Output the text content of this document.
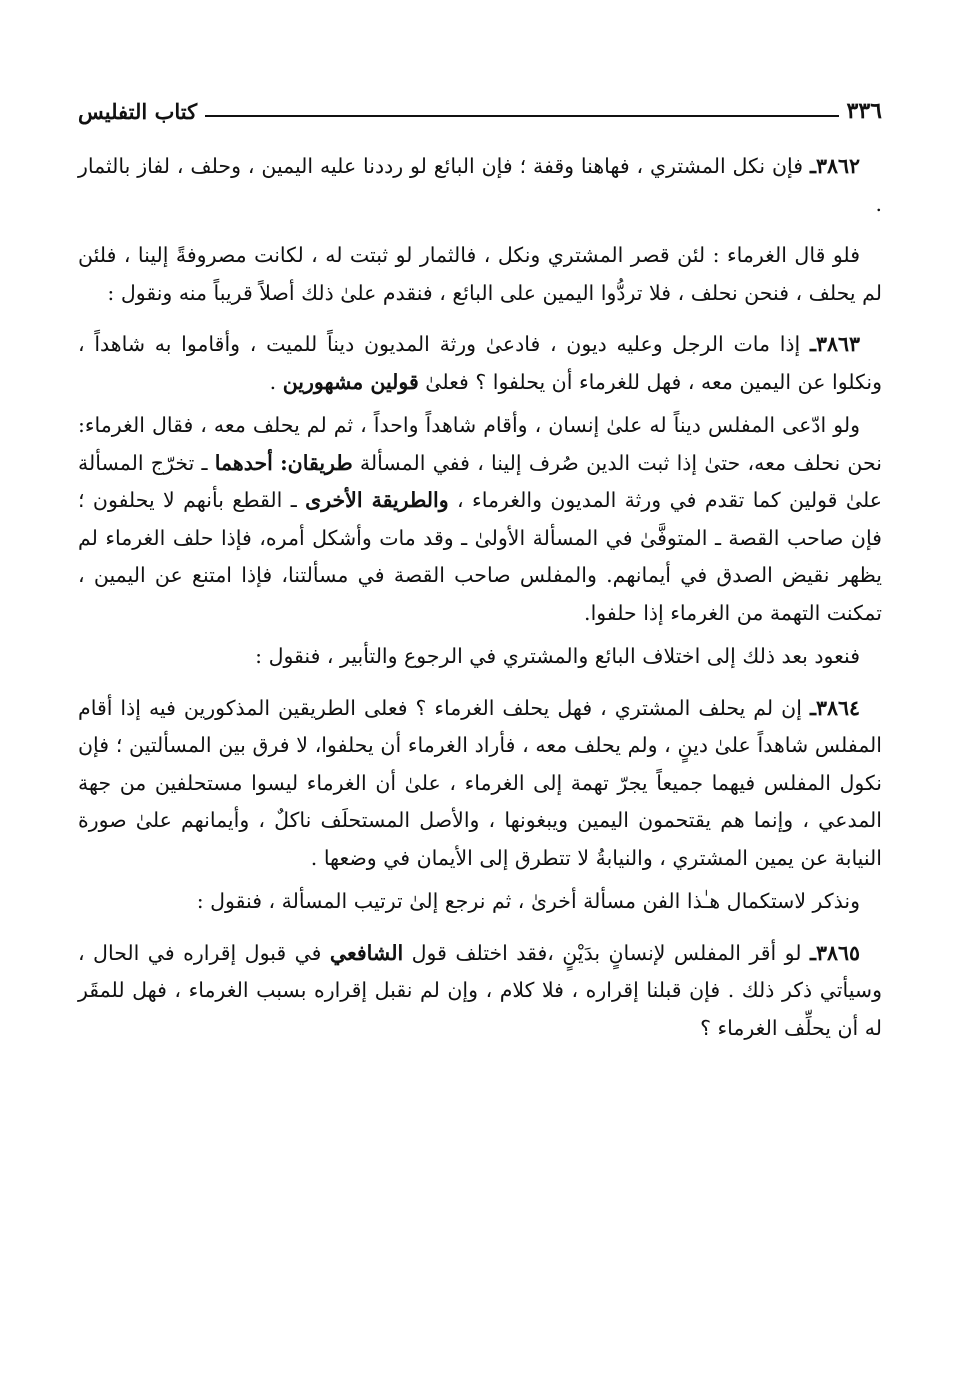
كتاب التفليس	٣٣٦

٣٨٦٢ـ فإن نكل المشتري ، فهاهنا وقفة ؛ فإن البائع لو رددنا عليه اليمين ، وحلف ، لفاز بالثمار .

فلو قال الغرماء : لئن قصر المشتري ونكل ، فالثمار لو ثبتت له ، لكانت مصروفةً إلينا ، فلئن لم يحلف ، فنحن نحلف ، فلا تردُّوا اليمين على البائع ، فنقدم علىٰ ذلك أصلاً قريباً منه ونقول :

٣٨٦٣ـ إذا مات الرجل وعليه ديون ، فادعىٰ ورثة المديون ديناً للميت ، وأقاموا به شاهداً ، ونكلوا عن اليمين معه ، فهل للغرماء أن يحلفوا ؟ فعلىٰ قولين مشهورين .

ولو ادّعى المفلس ديناً له علىٰ إنسان ، وأقام شاهداً واحداً ، ثم لم يحلف معه ، فقال الغرماء: نحن نحلف معه، حتىٰ إذا ثبت الدين صُرف إلينا ، ففي المسألة طريقان: أحدهما ـ تخرّج المسألة علىٰ قولين كما تقدم في ورثة المديون والغرماء ، والطريقة الأخرى ـ القطع بأنهم لا يحلفون ؛ فإن صاحب القصة ـ المتوفَّىٰ في المسألة الأولىٰ ـ وقد مات وأشكل أمره، فإذا حلف الغرماء لم يظهر نقيض الصدق في أيمانهم. والمفلس صاحب القصة في مسألتنا، فإذا امتنع عن اليمين ، تمكنت التهمة من الغرماء إذا حلفوا.

فنعود بعد ذلك إلى اختلاف البائع والمشتري في الرجوع والتأبير ، فنقول :

٣٨٦٤ـ إن لم يحلف المشتري ، فهل يحلف الغرماء ؟ فعلى الطريقين المذكورين فيه إذا أقام المفلس شاهداً علىٰ دينٍ ، ولم يحلف معه ، فأراد الغرماء أن يحلفوا، لا فرق بين المسألتين ؛ فإن نكول المفلس فيهما جميعاً يجرّ تهمة إلى الغرماء ، علىٰ أن الغرماء ليسوا مستحلفين من جهة المدعي ، وإنما هم يقتحمون اليمين ويبغونها ، والأصل المستحلَف ناكلٌ ، وأيمانهم علىٰ صورة النيابة عن يمين المشتري ، والنيابةُ لا تتطرق إلى الأيمان في وضعها .

ونذكر لاستكمال هـٰذا الفن مسألة أخرىٰ ، ثم نرجع إلىٰ ترتيب المسألة ، فنقول :

٣٨٦٥ـ لو أقر المفلس لإنسانٍ بدَيْنٍ ،فقد اختلف قول الشافعي في قبول إقراره في الحال ، وسيأتي ذكر ذلك . فإن قبلنا إقراره ، فلا كلام ، وإن لم نقبل إقراره بسبب الغرماء ، فهل للمقَر له أن يحلِّف الغرماء ؟
